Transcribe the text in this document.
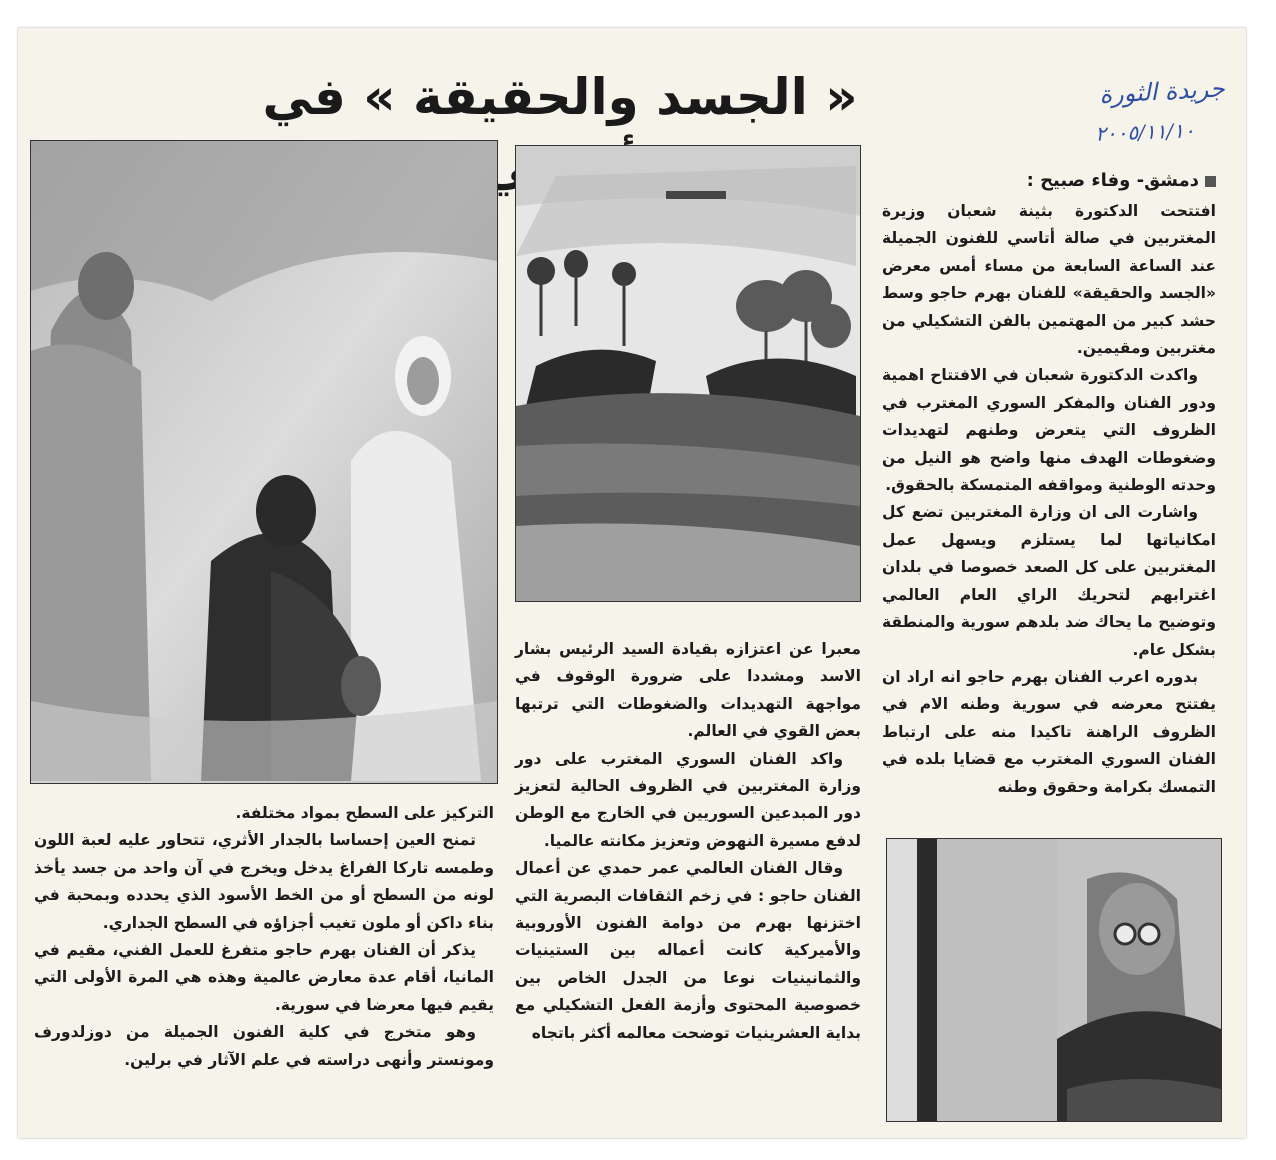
« الجسد والحقيقة » في	جريدة الثورة
٢٠٠٥/١١/١٠
دمشق- وفاء صبيح :

افتتحت الدكتورة بثينة شعبان وزيرة المغتربين في صالة أتاسي للفنون الجميلة عند الساعة السابعة من مساء أمس معرض «الجسد والحقيقة» للفنان بهرم حاجو وسط حشد كبير من المهتمين بالفن التشكيلي من مغتربين ومقيمين.

واكدت الدكتورة شعبان في الافتتاح اهمية ودور الفنان والمفكر السوري المغترب في الظروف التي يتعرض وطنهم لتهديدات وضغوطات الهدف منها واضح هو النيل من وحدته الوطنية ومواقفه المتمسكة بالحقوق.

واشارت الى ان وزارة المغتربين تضع كل امكانياتها لما يستلزم ويسهل عمل المغتربين على كل الصعد خصوصا في بلدان اغترابهم لتحريك الراي العام العالمي وتوضيح ما يحاك ضد بلدهم سورية والمنطقة بشكل عام.

بدوره اعرب الفنان بهرم حاجو انه اراد ان يفتتح معرضه في سورية وطنه الام في الظروف الراهنة تاكيدا منه على ارتباط الفنان السوري المغترب مع قضايا بلده في التمسك بكرامة وحقوق وطنه

معبرا عن اعتزازه بقيادة السيد الرئيس بشار الاسد ومشددا على ضرورة الوقوف في مواجهة التهديدات والضغوطات التي ترتبها بعض القوي في العالم.

واكد الفنان السوري المغترب على دور وزارة المغتربين في الظروف الحالية لتعزيز دور المبدعين السوريين في الخارج مع الوطن لدفع مسيرة النهوض وتعزيز مكانته عالميا.

وقال الفنان العالمي عمر حمدي عن أعمال الفنان حاجو : في زخم الثقافات البصرية التي اختزنها بهرم من دوامة الفنون الأوروبية والأميركية كانت أعماله بين الستينيات والثمانينيات نوعا من الجدل الخاص بين خصوصية المحتوى وأزمة الفعل التشكيلي مع بداية العشرينيات توضحت معالمه أكثر باتجاه

التركيز على السطح بمواد مختلفة.

تمنح العين إحساسا بالجدار الأثري، تتحاور عليه لعبة اللون وطمسه تاركا الفراغ يدخل ويخرج في آن واحد من جسد يأخذ لونه من السطح أو من الخط الأسود الذي يحدده وبمحبة في بناء داكن أو ملون تغيب أجزاؤه في السطح الجداري.

يذكر أن الفنان بهرم حاجو متفرغ للعمل الفني، مقيم في المانيا، أقام عدة معارض عالمية وهذه هي المرة الأولى التي يقيم فيها معرضا في سورية.

وهو متخرج في كلية الفنون الجميلة من دوزلدورف ومونستر وأنهى دراسته في علم الآثار في برلين.
